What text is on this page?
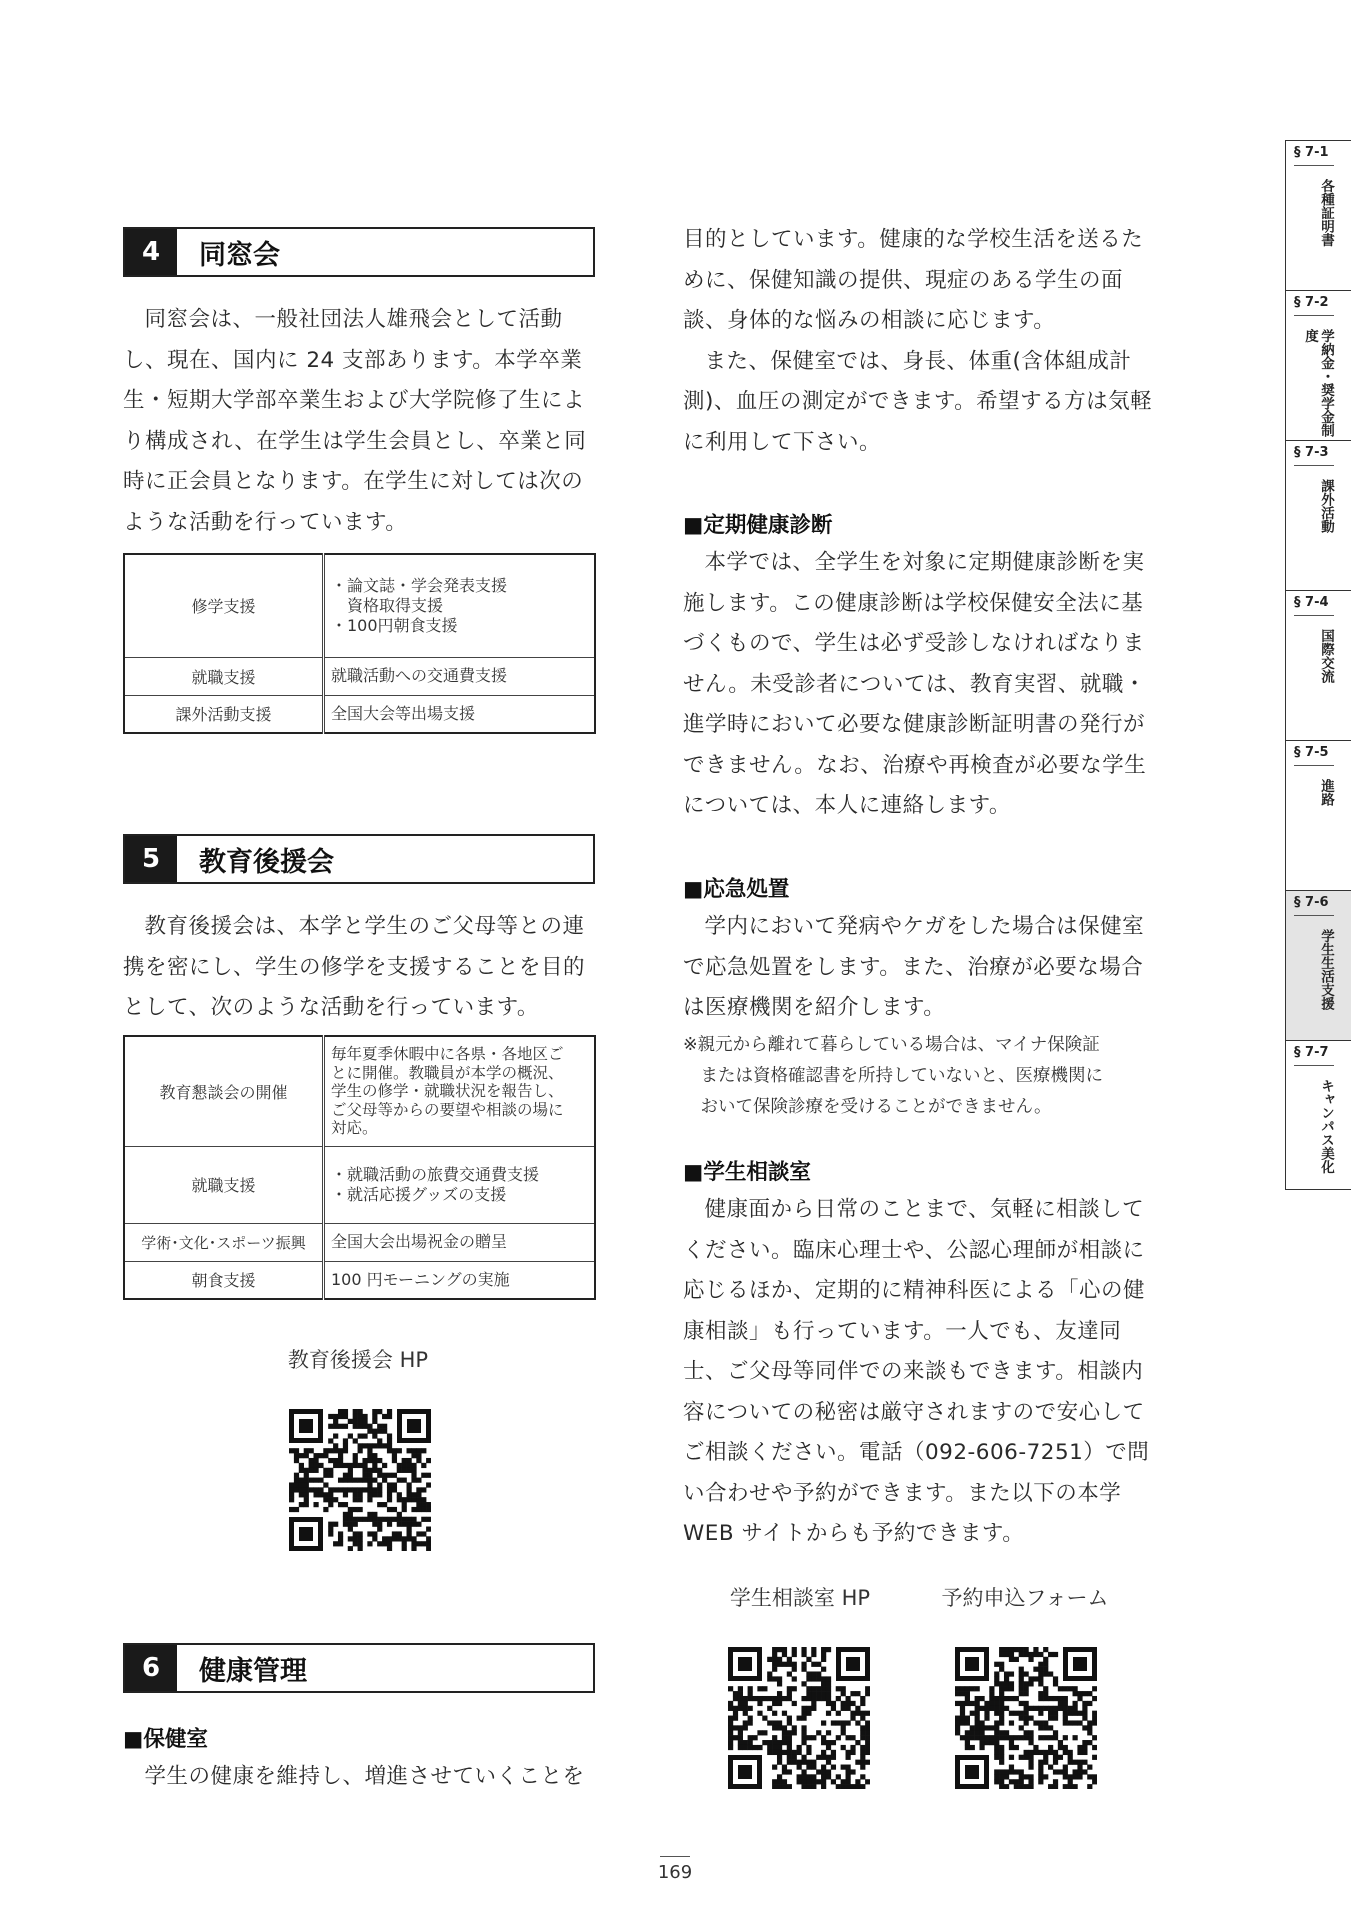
4	同窓会

同窓会は、一般社団法人雄飛会として活動し、現在、国内に 24 支部あります。本学卒業生・短期大学部卒業生および大学院修了生により構成され、在学生は学生会員とし、卒業と同時に正会員となります。在学生に対しては次のような活動を行っています。

修学支援	・論文誌・学会発表支援
　資格取得支援
・100円朝食支援

就職支援	就職活動への交通費支援
課外活動支援	全国大会等出場支援
5	教育後援会

教育後援会は、本学と学生のご父母等との連携を密にし、学生の修学を支援することを目的として、次のような活動を行っています。

教育懇談会の開催	毎年夏季休暇中に各県・各地区ご
とに開催。教職員が本学の概況、
学生の修学・就職状況を報告し、
ご父母等からの要望や相談の場に
対応。

就職支援	・就職活動の旅費交通費支援
・就活応援グッズの支援

学術･文化･スポーツ振興	全国大会出場祝金の贈呈
朝食支援	100 円モーニングの実施
教育後援会 HP
6	健康管理
■保健室

学生の健康を維持し、増進させていくことを

目的としています。健康的な学校生活を送るために、保健知識の提供、現症のある学生の面談、身体的な悩みの相談に応じます。

また、保健室では、身長、体重(含体組成計測)、血圧の測定ができます。希望する方は気軽に利用して下さい。

■定期健康診断

本学では、全学生を対象に定期健康診断を実施します。この健康診断は学校保健安全法に基づくもので、学生は必ず受診しなければなりません。未受診者については、教育実習、就職・進学時において必要な健康診断証明書の発行ができません。なお、治療や再検査が必要な学生については、本人に連絡します。

■応急処置

学内において発病やケガをした場合は保健室で応急処置をします。また、治療が必要な場合は医療機関を紹介します。

※親元から離れて暮らしている場合は、マイナ保険証
または資格確認書を所持していないと、医療機関に
おいて保険診療を受けることができません。
■学生相談室

健康面から日常のことまで、気軽に相談してください。臨床心理士や、公認心理師が相談に応じるほか、定期的に精神科医による「心の健康相談」も行っています。一人でも、友達同士、ご父母等同伴での来談もできます。相談内容についての秘密は厳守されますので安心してご相談ください。電話（092-606-7251）で問い合わせや予約ができます。また以下の本学WEB サイトからも予約できます。

学生相談室 HP	予約申込フォーム
§ 7-1
各種証明書
§ 7-2
学納金・奨学金制度
§ 7-3
課外活動
§ 7-4
国際交流
§ 7-5
進路
§ 7-6
学生生活支援
§ 7-7
キャンパス美化
169
